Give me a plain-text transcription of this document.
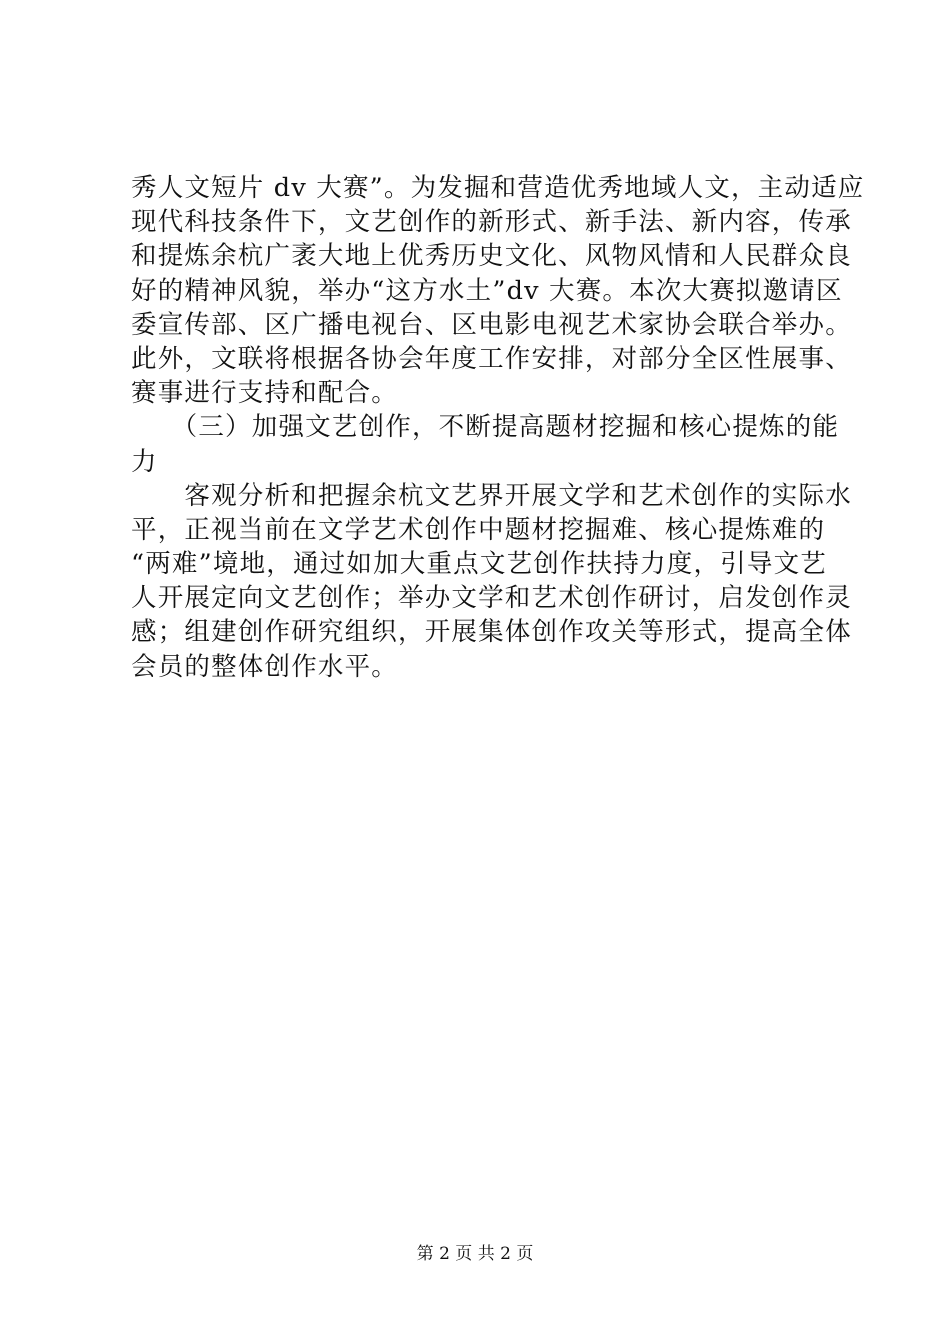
秀人文短片 dv 大赛”。为发掘和营造优秀地域人文，主动适应
现代科技条件下，文艺创作的新形式、新手法、新内容，传承
和提炼余杭广袤大地上优秀历史文化、风物风情和人民群众良
好的精神风貌，举办“这方水土”dv 大赛。本次大赛拟邀请区
委宣传部、区广播电视台、区电影电视艺术家协会联合举办。
此外，文联将根据各协会年度工作安排，对部分全区性展事、
赛事进行支持和配合。
　　（三）加强文艺创作，不断提高题材挖掘和核心提炼的能
力
　　客观分析和把握余杭文艺界开展文学和艺术创作的实际水
平，正视当前在文学艺术创作中题材挖掘难、核心提炼难的
“两难”境地，通过如加大重点文艺创作扶持力度，引导文艺
人开展定向文艺创作；举办文学和艺术创作研讨，启发创作灵
感；组建创作研究组织，开展集体创作攻关等形式，提高全体
会员的整体创作水平。
第 2 页 共 2 页
